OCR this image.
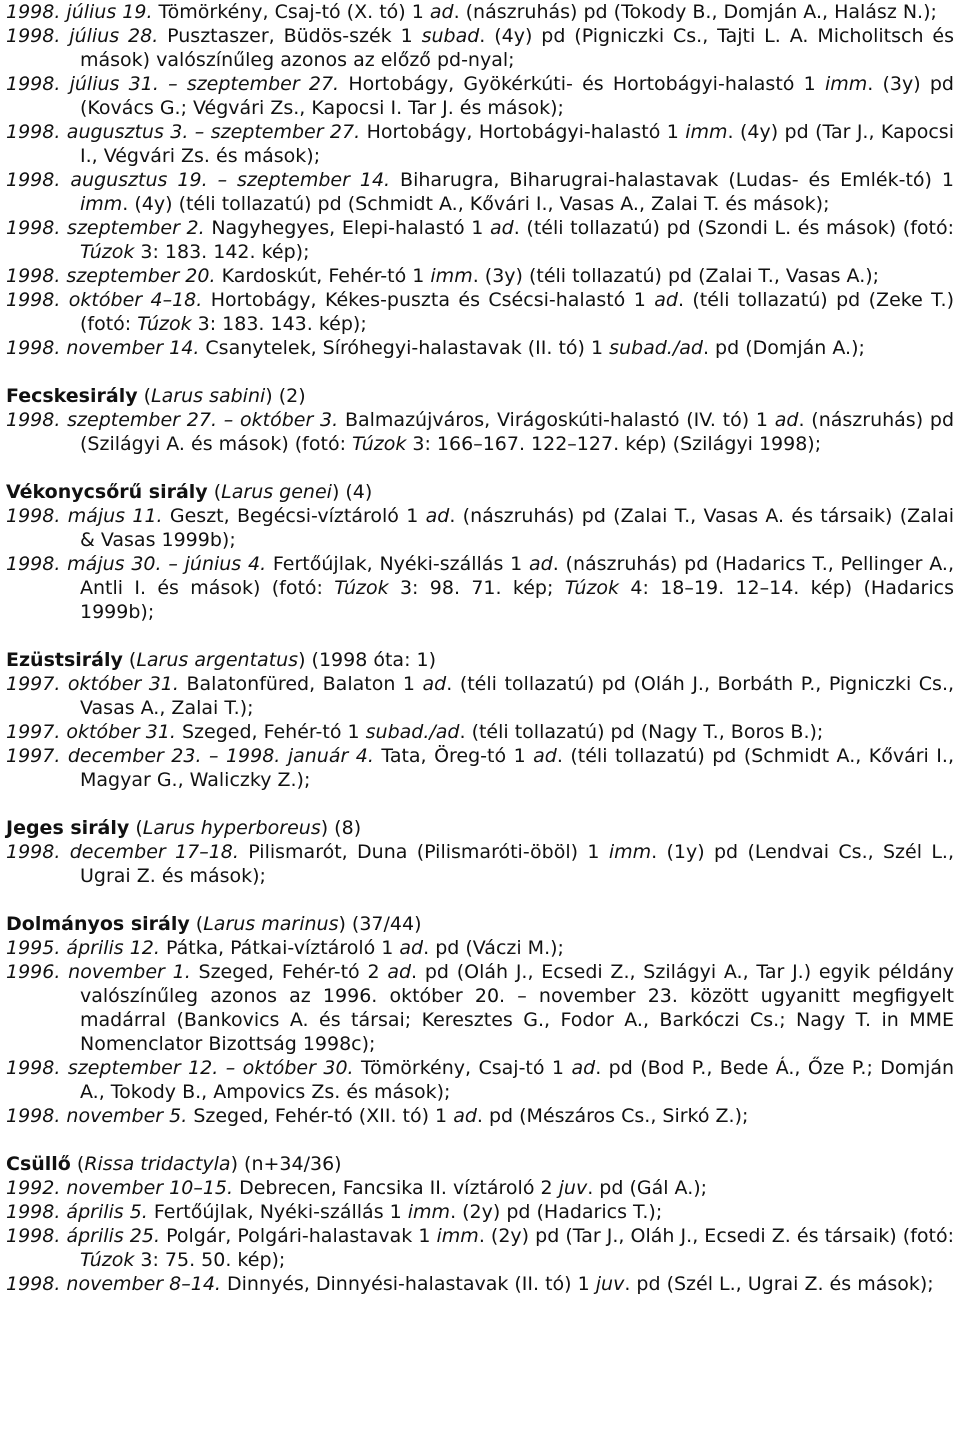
1998. július 19. Tömörkény, Csaj-tó (X. tó) 1 ad. (nászruhás) pd (Tokody B., Domján A., Halász N.);

1998. július 28. Pusztaszer, Büdös-szék 1 subad. (4y) pd (Pigniczki Cs., Tajti L. A. Micholitsch és mások) valószínűleg azonos az előző pd-nyal;

1998. július 31. – szeptember 27. Hortobágy, Gyökérkúti- és Hortobágyi-halastó 1 imm. (3y) pd (Kovács G.; Végvári Zs., Kapocsi I. Tar J. és mások);

1998. augusztus 3. – szeptember 27. Hortobágy, Hortobágyi-halastó 1 imm. (4y) pd (Tar J., Kapocsi I., Végvári Zs. és mások);

1998. augusztus 19. – szeptember 14. Biharugra, Biharugrai-halastavak (Ludas- és Emlék-tó) 1 imm. (4y) (téli tollazatú) pd (Schmidt A., Kővári I., Vasas A., Zalai T. és mások);

1998. szeptember 2. Nagyhegyes, Elepi-halastó 1 ad. (téli tollazatú) pd (Szondi L. és mások) (fotó: Túzok 3: 183. 142. kép);

1998. szeptember 20. Kardoskút, Fehér-tó 1 imm. (3y) (téli tollazatú) pd (Zalai T., Vasas A.);

1998. október 4–18. Hortobágy, Kékes-puszta és Csécsi-halastó 1 ad. (téli tollazatú) pd (Zeke T.) (fotó: Túzok 3: 183. 143. kép);

1998. november 14. Csanytelek, Síróhegyi-halastavak (II. tó) 1 subad./ad. pd (Domján A.);

Fecskesirály (Larus sabini) (2)

1998. szeptember 27. – október 3. Balmazújváros, Virágoskúti-halastó (IV. tó) 1 ad. (nászruhás) pd (Szilágyi A. és mások) (fotó: Túzok 3: 166–167. 122–127. kép) (Szilágyi 1998);

Vékonycsőrű sirály (Larus genei) (4)

1998. május 11. Geszt, Begécsi-víztároló 1 ad. (nászruhás) pd (Zalai T., Vasas A. és társaik) (Zalai & Vasas 1999b);

1998. május 30. – június 4. Fertőújlak, Nyéki-szállás 1 ad. (nászruhás) pd (Hadarics T., Pellinger A., Antli I. és mások) (fotó: Túzok 3: 98. 71. kép; Túzok 4: 18–19. 12–14. kép) (Hadarics 1999b);

Ezüstsirály (Larus argentatus) (1998 óta: 1)

1997. október 31. Balatonfüred, Balaton 1 ad. (téli tollazatú) pd (Oláh J., Borbáth P., Pigniczki Cs., Vasas A., Zalai T.);

1997. október 31. Szeged, Fehér-tó 1 subad./ad. (téli tollazatú) pd (Nagy T., Boros B.);

1997. december 23. – 1998. január 4. Tata, Öreg-tó 1 ad. (téli tollazatú) pd (Schmidt A., Kővári I., Magyar G., Waliczky Z.);

Jeges sirály (Larus hyperboreus) (8)

1998. december 17–18. Pilismarót, Duna (Pilismaróti-öböl) 1 imm. (1y) pd (Lendvai Cs., Szél L., Ugrai Z. és mások);

Dolmányos sirály (Larus marinus) (37/44)

1995. április 12. Pátka, Pátkai-víztároló 1 ad. pd (Váczi M.);

1996. november 1. Szeged, Fehér-tó 2 ad. pd (Oláh J., Ecsedi Z., Szilágyi A., Tar J.) egyik példány valószínűleg azonos az 1996. október 20. – november 23. között ugyanitt megfigyelt madárral (Bankovics A. és társai; Keresztes G., Fodor A., Barkóczi Cs.; Nagy T. in MME Nomenclator Bizottság 1998c);

1998. szeptember 12. – október 30. Tömörkény, Csaj-tó 1 ad. pd (Bod P., Bede Á., Őze P.; Domján A., Tokody B., Ampovics Zs. és mások);

1998. november 5. Szeged, Fehér-tó (XII. tó) 1 ad. pd (Mészáros Cs., Sirkó Z.);

Csüllő (Rissa tridactyla) (n+34/36)

1992. november 10–15. Debrecen, Fancsika II. víztároló 2 juv. pd (Gál A.);

1998. április 5. Fertőújlak, Nyéki-szállás 1 imm. (2y) pd (Hadarics T.);

1998. április 25. Polgár, Polgári-halastavak 1 imm. (2y) pd (Tar J., Oláh J., Ecsedi Z. és társaik) (fotó: Túzok 3: 75. 50. kép);

1998. november 8–14. Dinnyés, Dinnyési-halastavak (II. tó) 1 juv. pd (Szél L., Ugrai Z. és mások);
